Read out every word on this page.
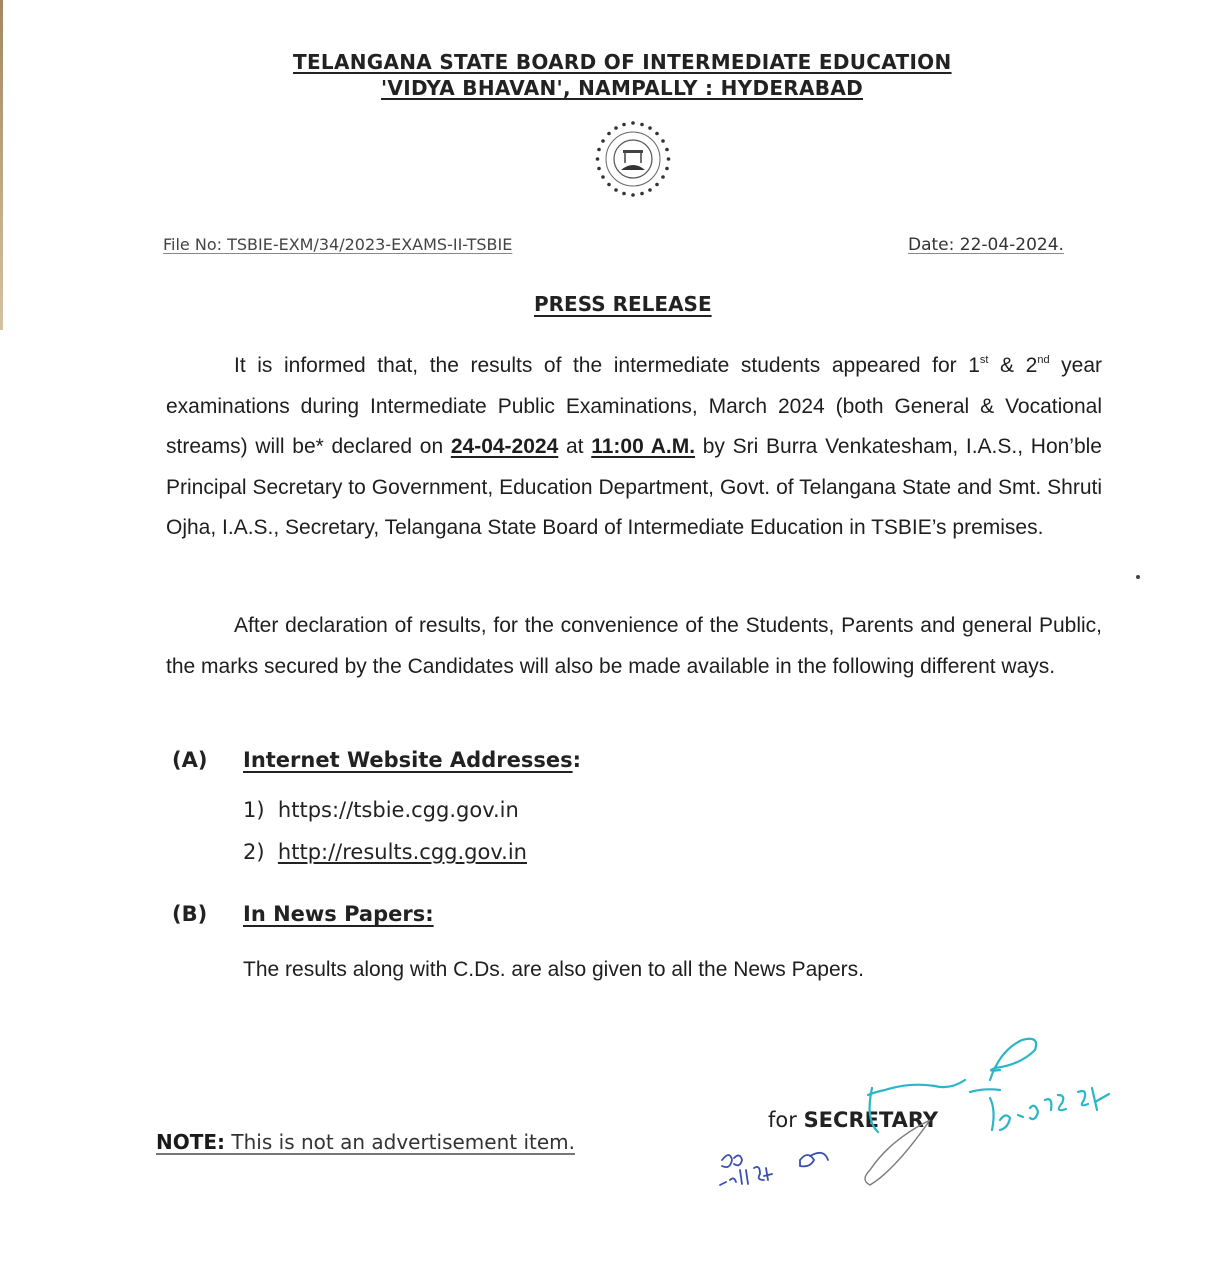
TELANGANA STATE BOARD OF INTERMEDIATE EDUCATION
'VIDYA BHAVAN', NAMPALLY : HYDERABAD
File No: TSBIE-EXM/34/2023-EXAMS-II-TSBIE	Date: 22-04-2024.
PRESS RELEASE
It is informed that, the results of the intermediate students appeared for 1st & 2nd year examinations during Intermediate Public Examinations, March 2024 (both General & Vocational streams) will be* declared on 24-04-2024 at 11:00 A.M. by Sri Burra Venkatesham, I.A.S., Hon’ble Principal Secretary to Government, Education Department, Govt. of Telangana State and Smt. Shruti Ojha, I.A.S., Secretary, Telangana State Board of Intermediate Education in TSBIE’s premises.
After declaration of results, for the convenience of the Students, Parents and general Public, the marks secured by the Candidates will also be made available in the following different ways.
(A) Internet Website Addresses:
1) https://tsbie.cgg.gov.in
2) http://results.cgg.gov.in
(B) In News Papers:
The results along with C.Ds. are also given to all the News Papers.
for SECRETARY
NOTE: This is not an advertisement item.
